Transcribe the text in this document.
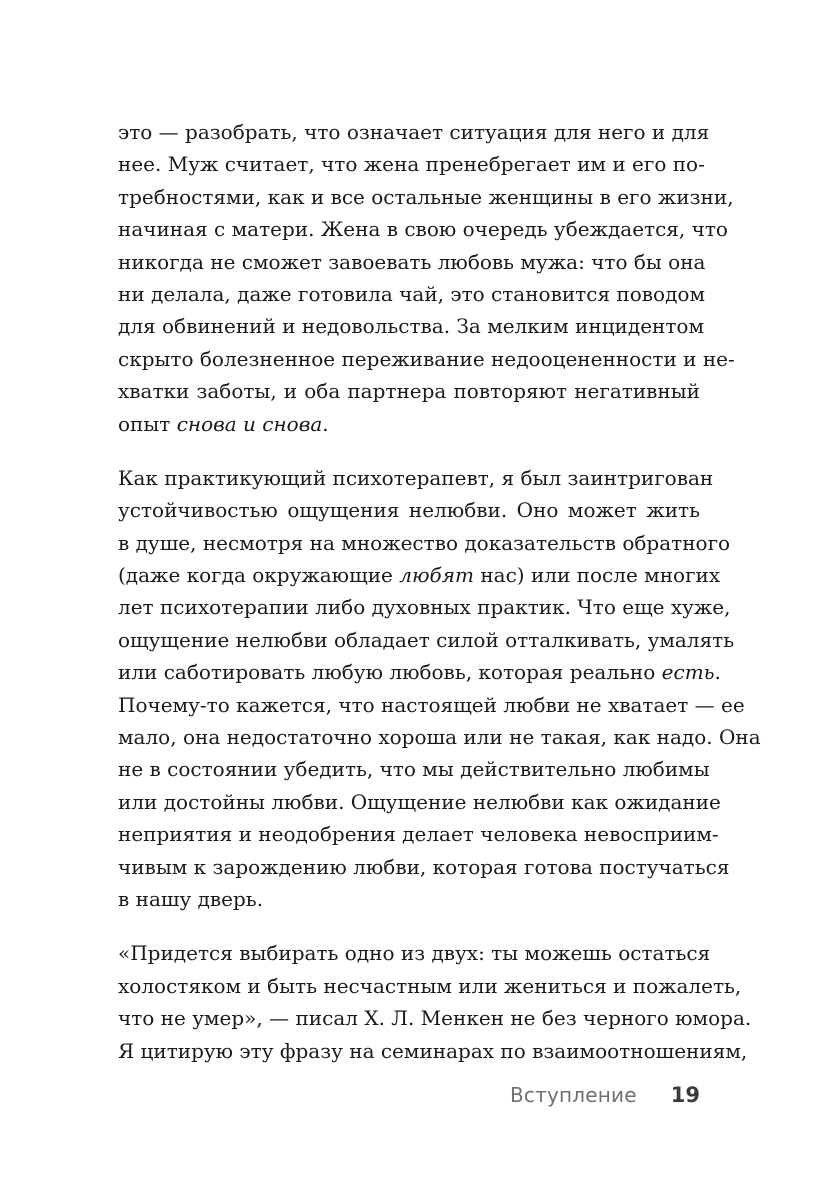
это — разобрать, что означает ситуация для него и для
нее. Муж считает, что жена пренебрегает им и его по-
требностями, как и все остальные женщины в его жизни,
начиная с матери. Жена в свою очередь убеждается, что
никогда не сможет завоевать любовь мужа: что бы она
ни делала, даже готовила чай, это становится поводом
для обвинений и недовольства. За мелким инцидентом
скрыто болезненное переживание недооцененности и не-
хватки заботы, и оба партнера повторяют негативный
опыт снова и снова.
Как практикующий психотерапевт, я был заинтригован
устойчивостью ощущения нелюбви. Оно может жить
в душе, несмотря на множество доказательств обратного
(даже когда окружающие любят нас) или после многих
лет психотерапии либо духовных практик. Что еще хуже,
ощущение нелюбви обладает силой отталкивать, умалять
или саботировать любую любовь, которая реально есть.
Почему-то кажется, что настоящей любви не хватает — ее
мало, она недостаточно хороша или не такая, как надо. Она
не в состоянии убедить, что мы действительно любимы
или достойны любви. Ощущение нелюбви как ожидание
неприятия и неодобрения делает человека невосприим-
чивым к зарождению любви, которая готова постучаться
в нашу дверь.
«Придется выбирать одно из двух: ты можешь остаться
холостяком и быть несчастным или жениться и пожалеть,
что не умер», — писал Х. Л. Менкен не без черного юмора.
Я цитирую эту фразу на семинарах по взаимоотношениям,
Вступление 19
